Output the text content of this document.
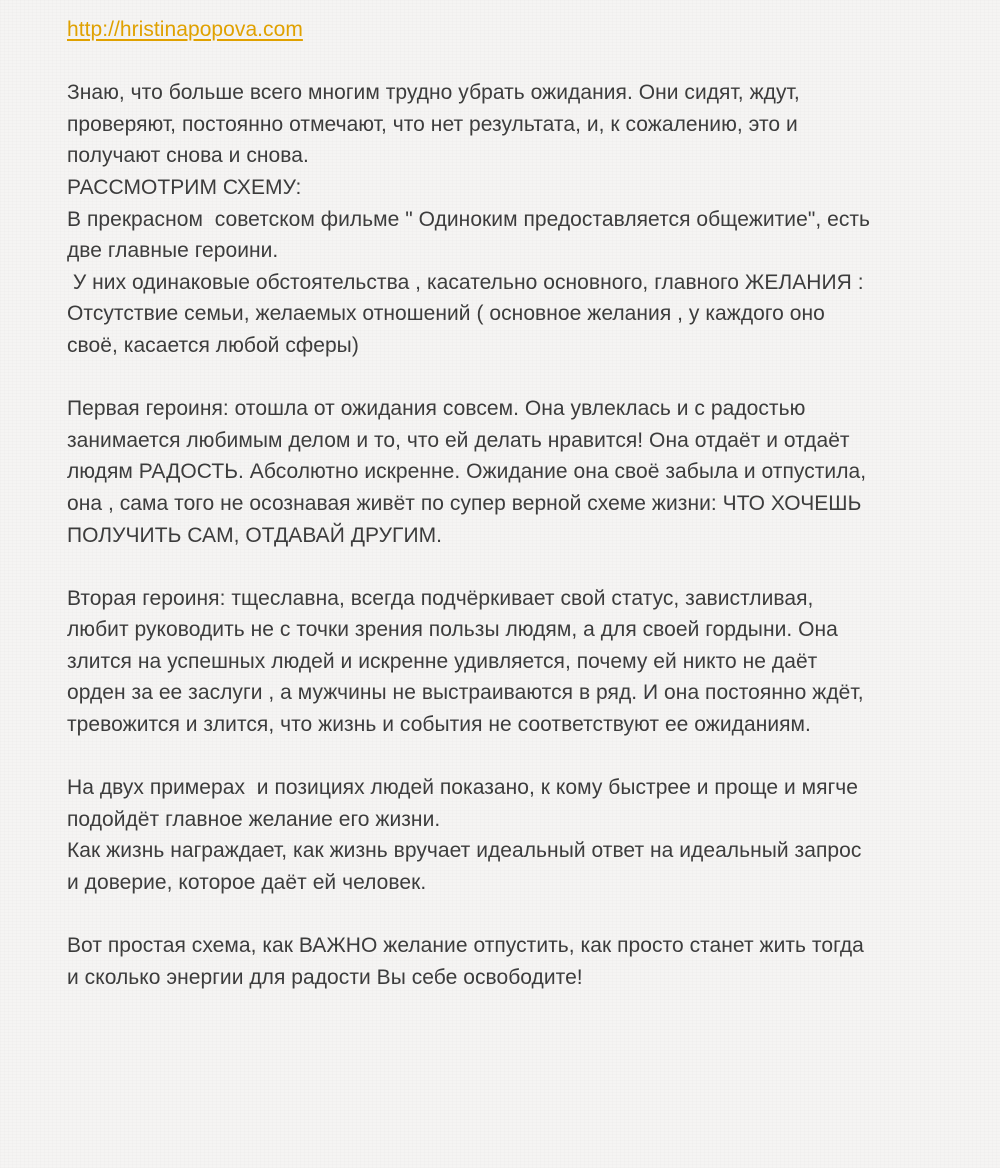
http://hristinapopova.com
Знаю, что больше всего многим трудно убрать ожидания. Они сидят, ждут,
проверяют, постоянно отмечают, что нет результата, и, к сожалению, это и
получают снова и снова.
РАССМОТРИМ СХЕМУ:
В прекрасном  советском фильме " Одиноким предоставляется общежитие", есть
две главные героини.
У них одинаковые обстоятельства , касательно основного, главного ЖЕЛАНИЯ :
Отсутствие семьи, желаемых отношений ( основное желания , у каждого оно
своё, касается любой сферы)
Первая героиня: отошла от ожидания совсем. Она увлеклась и с радостью
занимается любимым делом и то, что ей делать нравится! Она отдаёт и отдаёт
людям РАДОСТЬ. Абсолютно искренне. Ожидание она своё забыла и отпустила,
она , сама того не осознавая живёт по супер верной схеме жизни: ЧТО ХОЧЕШЬ
ПОЛУЧИТЬ САМ, ОТДАВАЙ ДРУГИМ.
Вторая героиня: тщеславна, всегда подчёркивает свой статус, завистливая,
любит руководить не с точки зрения пользы людям, а для своей гордыни. Она
злится на успешных людей и искренне удивляется, почему ей никто не даёт
орден за ее заслуги , а мужчины не выстраиваются в ряд. И она постоянно ждёт,
тревожится и злится, что жизнь и события не соответствуют ее ожиданиям.
На двух примерах  и позициях людей показано, к кому быстрее и проще и мягче
подойдёт главное желание его жизни.
Как жизнь награждает, как жизнь вручает идеальный ответ на идеальный запрос
и доверие, которое даёт ей человек.
Вот простая схема, как ВАЖНО желание отпустить, как просто станет жить тогда
и сколько энергии для радости Вы себе освободите!
